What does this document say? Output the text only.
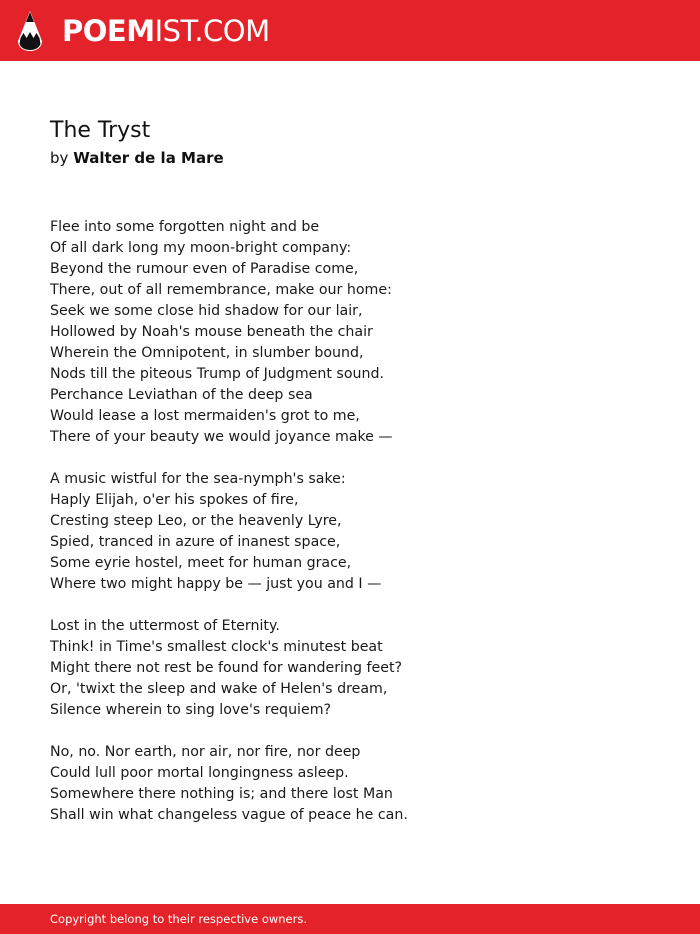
POEMIST.COM
The Tryst
by Walter de la Mare
Flee into some forgotten night and be
Of all dark long my moon-bright company:
Beyond the rumour even of Paradise come,
There, out of all remembrance, make our home:
Seek we some close hid shadow for our lair,
Hollowed by Noah's mouse beneath the chair
Wherein the Omnipotent, in slumber bound,
Nods till the piteous Trump of Judgment sound.
Perchance Leviathan of the deep sea
Would lease a lost mermaiden's grot to me,
There of your beauty we would joyance make —
A music wistful for the sea-nymph's sake:
Haply Elijah, o'er his spokes of fire,
Cresting steep Leo, or the heavenly Lyre,
Spied, tranced in azure of inanest space,
Some eyrie hostel, meet for human grace,
Where two might happy be — just you and I —
Lost in the uttermost of Eternity.
Think! in Time's smallest clock's minutest beat
Might there not rest be found for wandering feet?
Or, 'twixt the sleep and wake of Helen's dream,
Silence wherein to sing love's requiem?
No, no. Nor earth, nor air, nor fire, nor deep
Could lull poor mortal longingness asleep.
Somewhere there nothing is; and there lost Man
Shall win what changeless vague of peace he can.
Copyright belong to their respective owners.
